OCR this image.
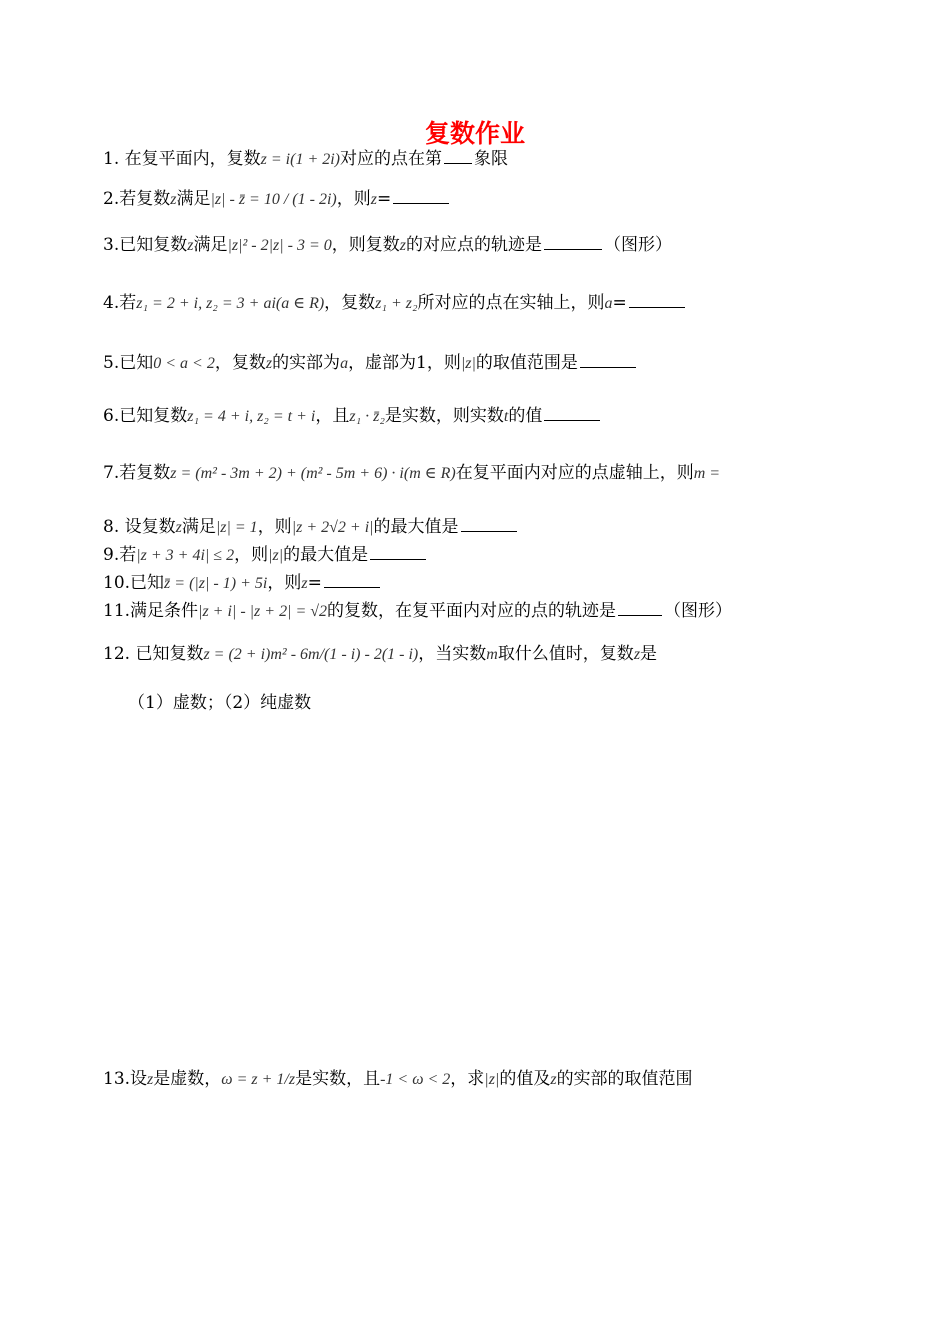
复数作业
1. 在复平面内，复数z = i(1 + 2i)对应的点在第 象限
2.若复数z满足|z| - z̄ = 10 / (1 - 2i)，则z=
3.已知复数z满足|z|² - 2|z| - 3 = 0，则复数z的对应点的轨迹是	（图形）
4.若z₁ = 2 + i, z₂ = 3 + ai(a ∈ R)，复数z₁ + z₂所对应的点在实轴上，则a=
5.已知0 < a < 2，复数z的实部为a，虚部为1，则|z|的取值范围是
6.已知复数z₁ = 4 + i, z₂ = t + i，且z₁ · z̄₂是实数，则实数t的值
7.若复数z = (m² - 3m + 2) + (m² - 5m + 6) · i(m ∈ R)在复平面内对应的点虚轴上，则m =
8. 设复数z满足|z| = 1，则|z + 2√2 + i|的最大值是
9.若|z + 3 + 4i| ≤ 2，则|z|的最大值是
10.已知z̄ = (|z| - 1) + 5i，则z=
11.满足条件|z + i| - |z + 2| = √2的复数，在复平面内对应的点的轨迹是	（图形）
12. 已知复数z = (2 + i)m² - 6m/(1 - i) - 2(1 - i)，当实数m取什么值时，复数z是
（1）虚数；（2）纯虚数
13.设z是虚数，ω = z + 1/z是实数，且-1 < ω < 2，求|z|的值及z的实部的取值范围
